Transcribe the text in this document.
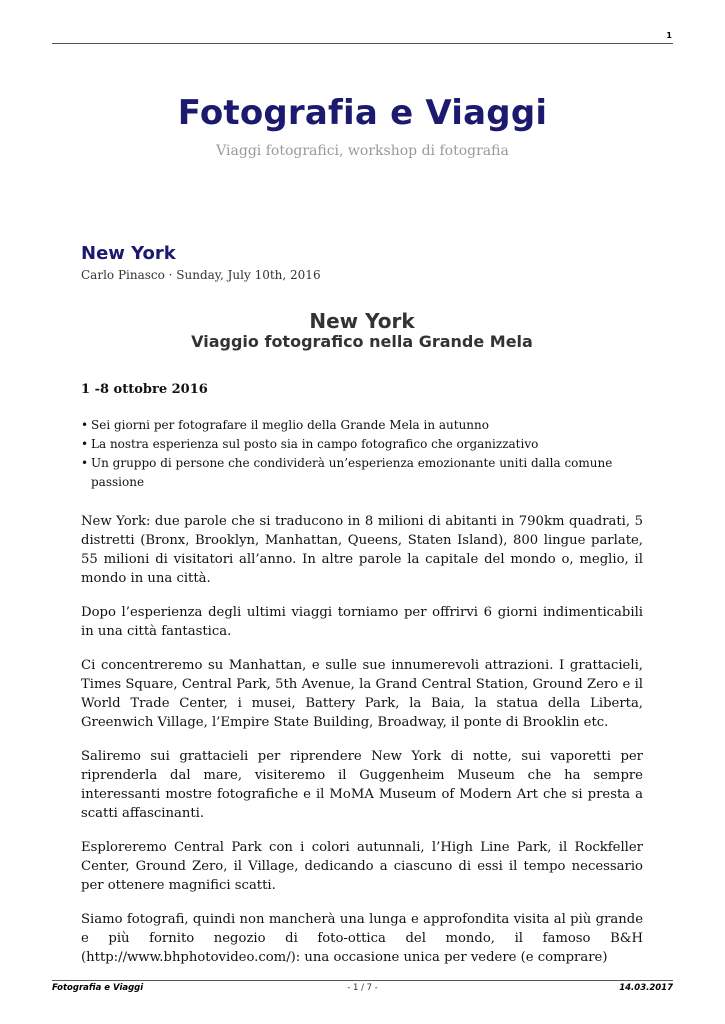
1
Fotografia e Viaggi
Viaggi fotografici, workshop di fotografia
New York
Carlo Pinasco · Sunday, July 10th, 2016
New York
Viaggio fotografico nella Grande Mela

1 -8 ottobre 2016

• Sei giorni per fotografare il meglio della Grande Mela in autunno
• La nostra esperienza sul posto sia in campo fotografico che organizzativo
• Un gruppo di persone che condividerà un’esperienza emozionante uniti dalla comune passione

New York: due parole che si traducono in 8 milioni di abitanti in 790km quadrati, 5 distretti (Bronx, Brooklyn, Manhattan, Queens, Staten Island), 800 lingue parlate, 55 milioni di visitatori all’anno. In altre parole la capitale del mondo o, meglio, il mondo in una città.

Dopo l’esperienza degli ultimi viaggi torniamo per offrirvi 6 giorni indimenticabili in una città fantastica.

Ci concentreremo su Manhattan, e sulle sue innumerevoli attrazioni. I grattacieli, Times Square, Central Park, 5th Avenue, la Grand Central Station, Ground Zero e il World Trade Center, i musei, Battery Park, la Baia, la statua della Liberta, Greenwich Village, l’Empire State Building, Broadway, il ponte di Brooklin etc.

Saliremo sui grattacieli per riprendere New York di notte, sui vaporetti per riprenderla dal mare, visiteremo il Guggenheim Museum che ha sempre interessanti mostre fotografiche e il MoMA Museum of Modern Art che si presta a scatti affascinanti.

Esploreremo Central Park con i colori autunnali, l’High Line Park, il Rockfeller Center, Ground Zero, il Village, dedicando a ciascuno di essi il tempo necessario per ottenere magnifici scatti.

Siamo fotografi, quindi non mancherà una lunga e approfondita visita al più grande e più fornito negozio di foto-ottica del mondo, il famoso B&H (http://www.bhphotovideo.com/): una occasione unica per vedere (e comprare)

Fotografia e Viaggi	- 1 / 7 -	14.03.2017
